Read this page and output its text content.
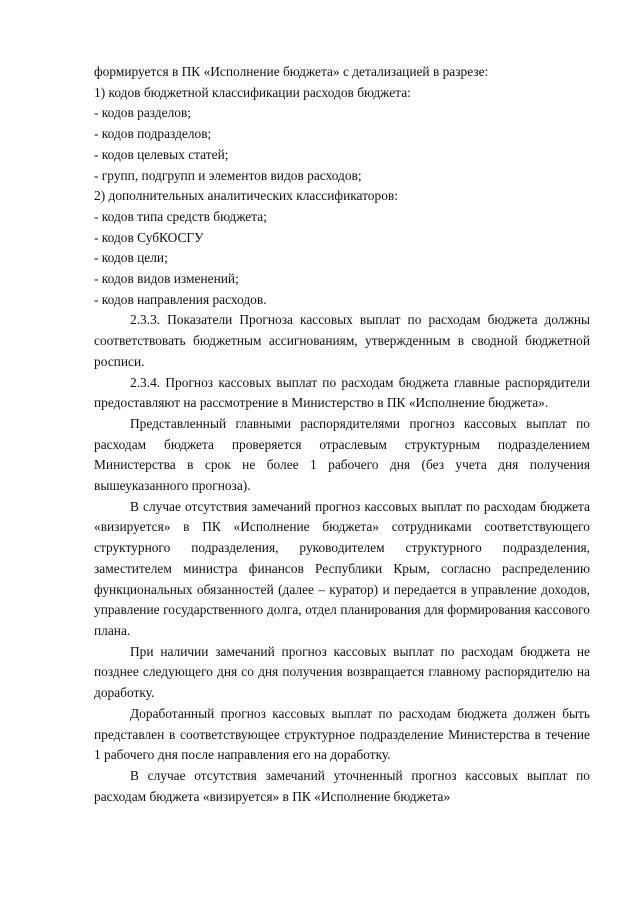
формируется в ПК «Исполнение бюджета» с детализацией в разрезе:

1) кодов бюджетной классификации расходов бюджета:

- кодов разделов;

- кодов подразделов;

- кодов целевых статей;

- групп, подгрупп и элементов видов расходов;

2) дополнительных аналитических классификаторов:

- кодов типа средств бюджета;

- кодов СубКОСГУ

- кодов цели;

- кодов видов изменений;

- кодов направления расходов.

2.3.3. Показатели Прогноза кассовых выплат по расходам бюджета должны соответствовать бюджетным ассигнованиям, утвержденным в сводной бюджетной росписи.

2.3.4. Прогноз кассовых выплат по расходам бюджета главные распорядители предоставляют на рассмотрение в Министерство в ПК «Исполнение бюджета».

Представленный главными распорядителями прогноз кассовых выплат по расходам бюджета проверяется отраслевым структурным подразделением Министерства в срок не более 1 рабочего дня (без учета дня получения вышеуказанного прогноза).

В случае отсутствия замечаний прогноз кассовых выплат по расходам бюджета «визируется» в ПК «Исполнение бюджета» сотрудниками соответствующего структурного подразделения, руководителем структурного подразделения, заместителем министра финансов Республики Крым, согласно распределению функциональных обязанностей (далее – куратор) и передается в управление доходов, управление государственного долга, отдел планирования для формирования кассового плана.

При наличии замечаний прогноз кассовых выплат по расходам бюджета не позднее следующего дня со дня получения возвращается главному распорядителю на доработку.

Доработанный прогноз кассовых выплат по расходам бюджета должен быть представлен в соответствующее структурное подразделение Министерства в течение 1 рабочего дня после направления его на доработку.

В случае отсутствия замечаний уточненный прогноз кассовых выплат по расходам бюджета «визируется» в ПК «Исполнение бюджета»
